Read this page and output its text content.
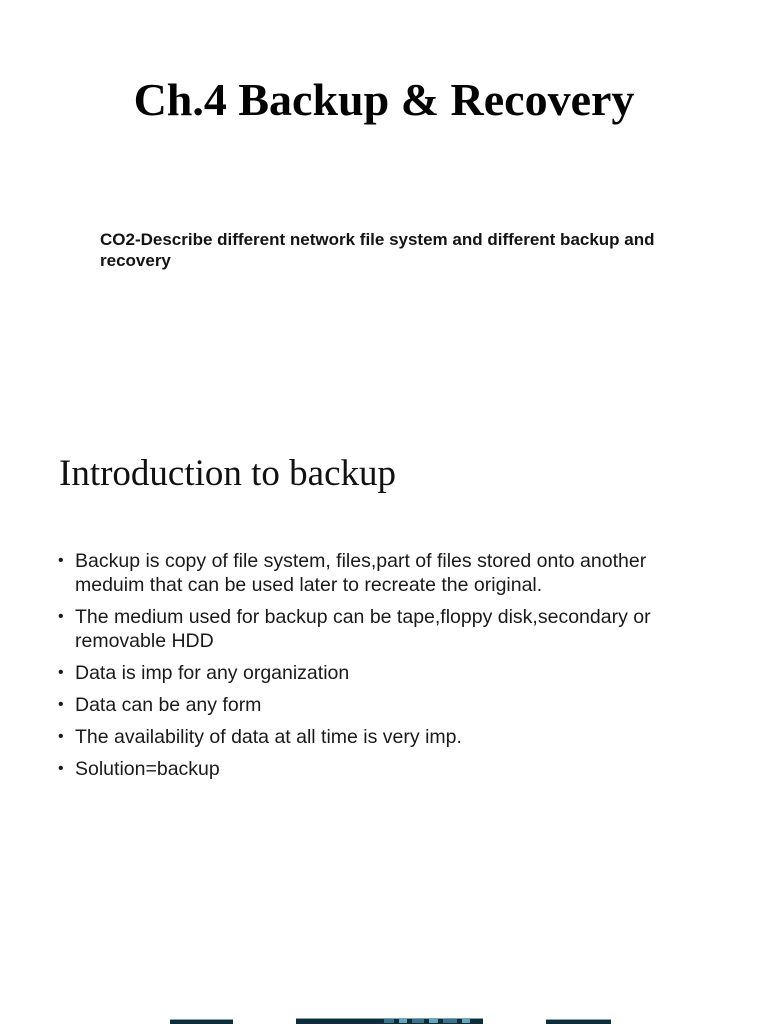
Ch.4 Backup & Recovery
CO2-Describe different network file system and different backup and recovery
Introduction to backup
• Backup is copy of file system, files,part of files stored onto another meduim that can be used later to recreate the original.
• The medium used for backup can be tape,floppy disk,secondary or removable HDD
• Data is imp for any organization
• Data can be any form
• The availability of data at all time is very imp.
• Solution=backup
